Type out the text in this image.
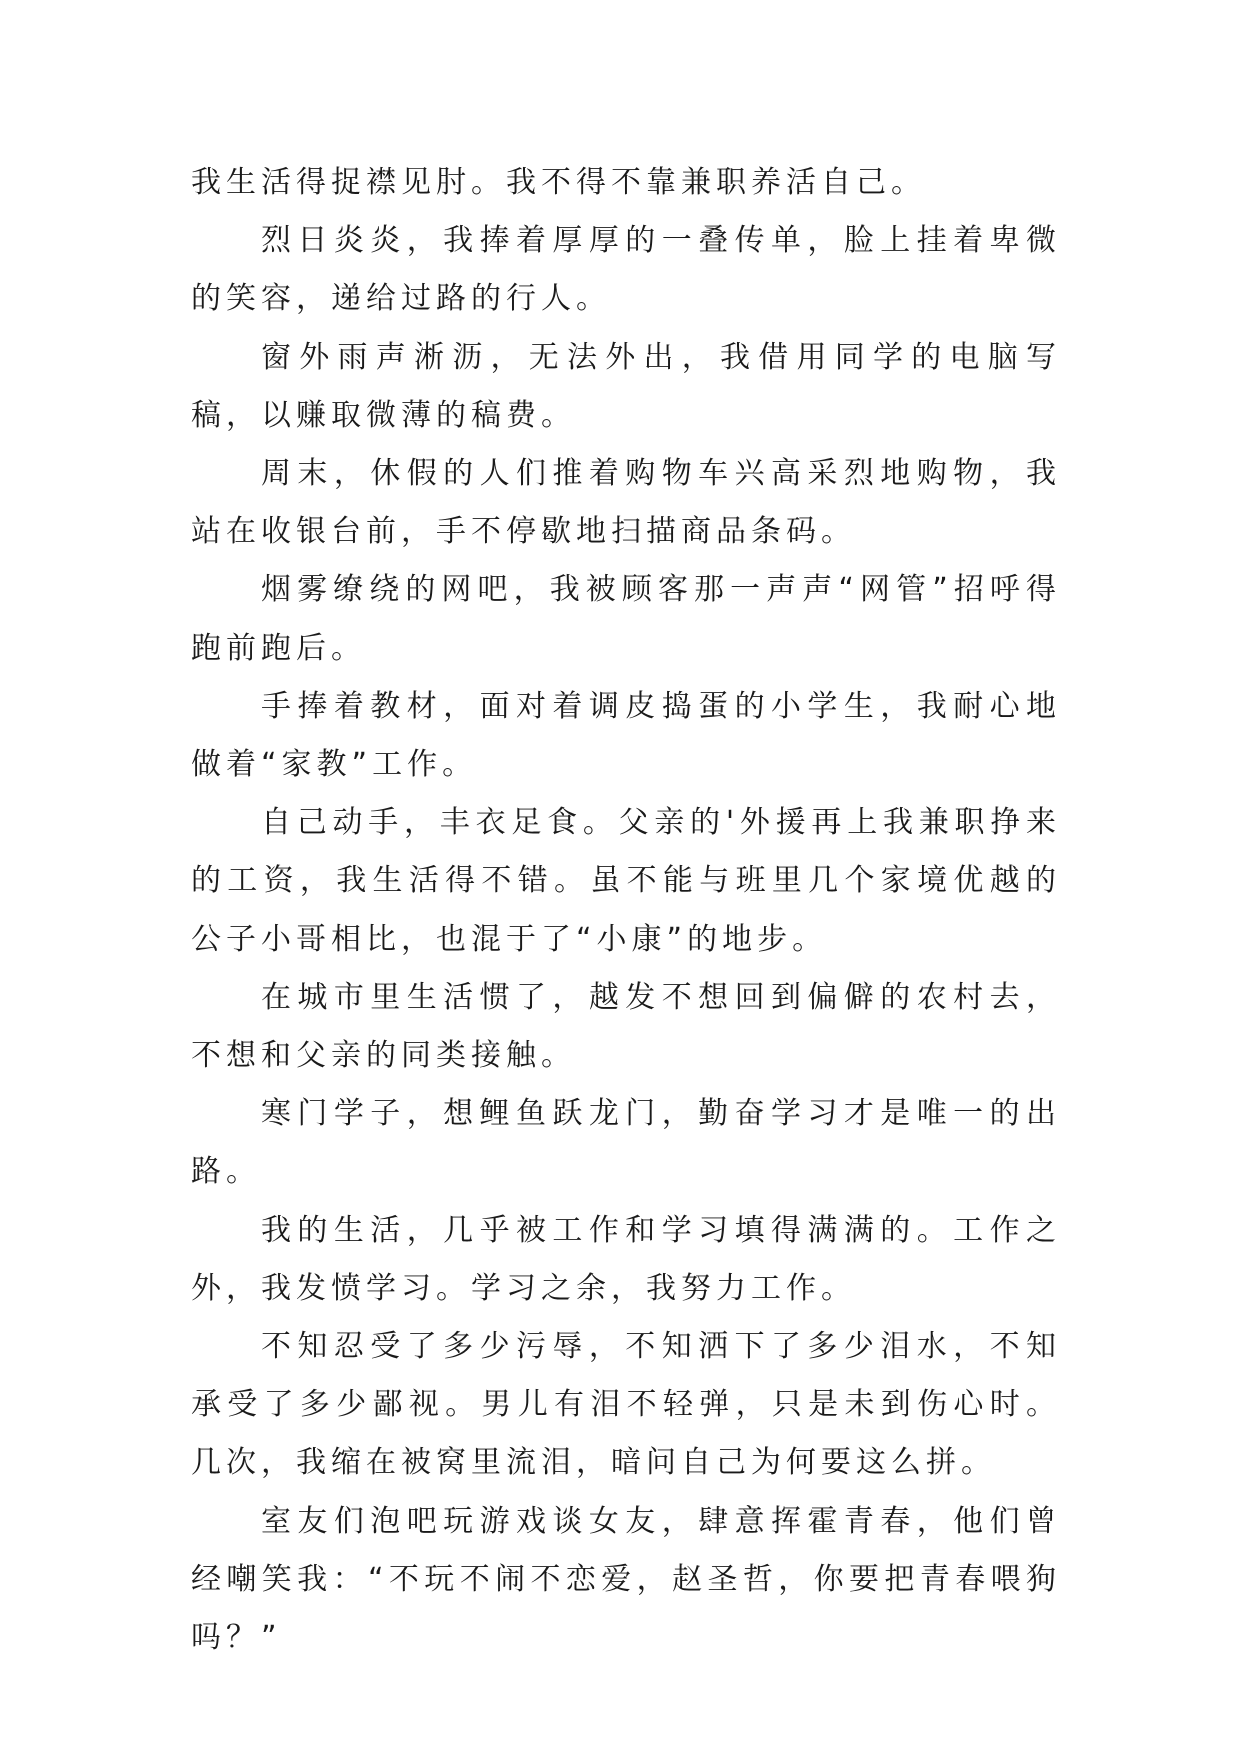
我生活得捉襟见肘。我不得不靠兼职养活自己。

烈日炎炎，我捧着厚厚的一叠传单，脸上挂着卑微的笑容，递给过路的行人。

窗外雨声淅沥，无法外出，我借用同学的电脑写稿，以赚取微薄的稿费。

周末，休假的人们推着购物车兴高采烈地购物，我站在收银台前，手不停歇地扫描商品条码。

烟雾缭绕的网吧，我被顾客那一声声“网管”招呼得跑前跑后。

手捧着教材，面对着调皮捣蛋的小学生，我耐心地做着“家教”工作。

自己动手，丰衣足食。父亲的'外援再上我兼职挣来的工资，我生活得不错。虽不能与班里几个家境优越的公子小哥相比，也混于了“小康”的地步。

在城市里生活惯了，越发不想回到偏僻的农村去，不想和父亲的同类接触。

寒门学子，想鲤鱼跃龙门，勤奋学习才是唯一的出路。

我的生活，几乎被工作和学习填得满满的。工作之外，我发愤学习。学习之余，我努力工作。

不知忍受了多少污辱，不知洒下了多少泪水，不知承受了多少鄙视。男儿有泪不轻弹，只是未到伤心时。几次，我缩在被窝里流泪，暗问自己为何要这么拼。

室友们泡吧玩游戏谈女友，肆意挥霍青春，他们曾经嘲笑我：“不玩不闹不恋爱，赵圣哲，你要把青春喂狗吗？”
